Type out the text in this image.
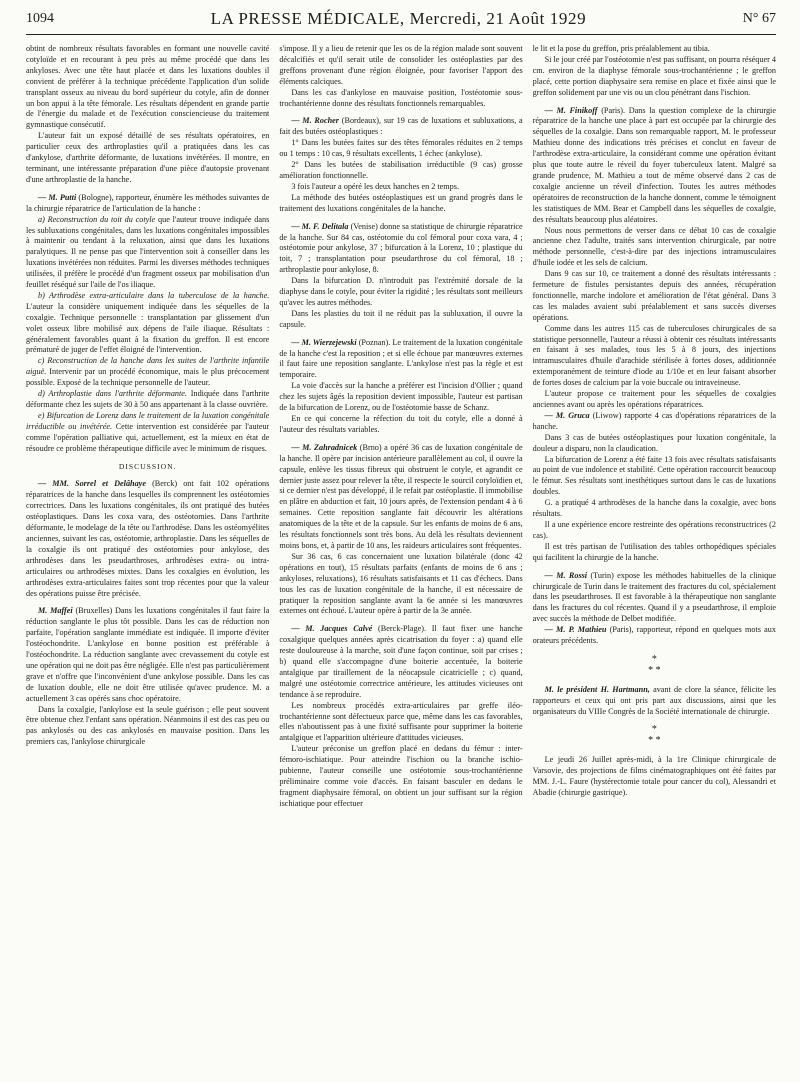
1094	LA PRESSE MÉDICALE, Mercredi, 21 Août 1929	N° 67

obtint de nombreux résultats favorables en formant une nouvelle cavité cotyloïde et en recourant à peu près au même procédé que dans les ankyloses. Avec une tête haut placée et dans les luxations doubles il convient de préférer à la technique précédente l'application d'un solide transplant osseux au niveau du bord supérieur du cotyle, afin de donner un bon appui à la tête fémorale. Les résultats dépendent en grande partie de l'énergie du malade et de l'exécution consciencieuse du traitement gymnastique consécutif.

L'auteur fait un exposé détaillé de ses résultats opératoires, en particulier ceux des arthroplasties qu'il a pratiquées dans les cas d'ankylose, d'arthrite déformante, de luxations invétérées. Il montre, en terminant, une intéressante préparation d'une pièce d'autopsie provenant d'une arthroplastie de la hanche.

— M. Putti (Bologne), rapporteur, énumère les méthodes suivantes de la chirurgie réparatrice de l'articulation de la hanche :

a) Reconstruction du toit du cotyle que l'auteur trouve indiquée dans les subluxations congénitales, dans les luxations congénitales impossibles à maintenir ou tendant à la reluxation, ainsi que dans les luxations paralytiques. Il ne pense pas que l'intervention soit à conseiller dans les luxations invétérées non réduites. Parmi les diverses méthodes techniques utilisées, il préfère le procédé d'un fragment osseux par mobilisation d'un feuillet réséqué sur l'aile de l'os iliaque.

b) Arthrodèse extra-articulaire dans la tuberculose de la hanche. L'auteur la considère uniquement indiquée dans les séquelles de la coxalgie. Technique personnelle : transplantation par glissement d'un volet osseux libre mobilisé aux dépens de l'aile iliaque. Résultats : généralement favorables quant à la fixation du greffon. Il est encore prématuré de juger de l'effet éloigné de l'intervention.

c) Reconstruction de la hanche dans les suites de l'arthrite infantile aiguë. Intervenir par un procédé économique, mais le plus précocement possible. Exposé de la technique personnelle de l'auteur.

d) Arthroplastie dans l'arthrite déformante. Indiquée dans l'arthrite déformante chez les sujets de 30 à 50 ans appartenant à la classe ouvrière.

e) Bifurcation de Lorenz dans le traitement de la luxation congénitale irréductible ou invétérée. Cette intervention est considérée par l'auteur comme l'opération palliative qui, actuellement, est la mieux en état de résoudre ce problème thérapeutique difficile avec le minimum de risques.

DISCUSSION.

— MM. Sorrel et Delâhaye (Berck) ont fait 102 opérations réparatrices de la hanche dans lesquelles ils comprennent les ostéotomies correctrices. Dans les luxations congénitales, ils ont pratiqué des butées ostéoplastiques. Dans les coxa vara, des ostéotomies. Dans l'arthrite déformante, le modelage de la tête ou l'arthrodèse. Dans les ostéomyélites anciennes, suivant les cas, ostéotomie, arthroplastie. Dans les séquelles de la coxalgie ils ont pratiqué des ostéotomies pour ankylose, des arthrodèses dans les pseudarthroses, arthrodèses extra- ou intra-articulaires ou arthrodèses mixtes. Dans les coxalgies en évolution, les arthrodèses extra-articulaires faites sont trop récentes pour que la valeur des opérations puisse être précisée.

M. Maffei (Bruxelles) Dans les luxations congénitales il faut faire la réduction sanglante le plus tôt possible. Dans les cas de réduction non parfaite, l'opération sanglante immédiate est indiquée. Il importe d'éviter l'ostéochondrite. L'ankylose en bonne position est préférable à l'ostéochondrite. La réduction sanglante avec crevassement du cotyle est une opération qui ne doit pas être négligée. Elle n'est pas particulièrement grave et n'offre que l'inconvénient d'une ankylose possible. Dans les cas de luxation double, elle ne doit être utilisée qu'avec prudence. M. a actuellement 3 cas opérés sans choc opératoire.

Dans la coxalgie, l'ankylose est la seule guérison ; elle peut souvent être obtenue chez l'enfant sans opération. Néanmoins il est des cas peu ou pas ankylosés ou des cas ankylosés en mauvaise position. Dans les premiers cas, l'ankylose chirurgicale

s'impose. Il y a lieu de retenir que les os de la région malade sont souvent décalcifiés et qu'il serait utile de consolider les ostéoplasties par des greffons provenant d'une région éloignée, pour favoriser l'apport des éléments calciques.

Dans les cas d'ankylose en mauvaise position, l'ostéotomie sous-trochantérienne donne des résultats fonctionnels remarquables.

— M. Rocher (Bordeaux), sur 19 cas de luxations et subluxations, a fait des butées ostéoplastiques :

1° Dans les butées faites sur des têtes fémorales réduites en 2 temps ou 1 temps : 10 cas, 9 résultats excellents, 1 échec (ankylose).

2° Dans les butées de stabilisation irréductible (9 cas) grosse amélioration fonctionnelle.

3 fois l'auteur a opéré les deux hanches en 2 temps.

La méthode des butées ostéoplastiques est un grand progrès dans le traitement des luxations congénitales de la hanche.

— M. F. Delitala (Venise) donne sa statistique de chirurgie réparatrice de la hanche. Sur 84 cas, ostéotomie du col fémoral pour coxa vara, 4 ; ostéotomie pour ankylose, 37 ; bifurcation à la Lorenz, 10 ; plastique du toit, 7 ; transplantation pour pseudarthrose du col fémoral, 18 ; arthroplastie pour ankylose, 8.

Dans la bifurcation D. n'introduit pas l'extrémité dorsale de la diaphyse dans le cotyle, pour éviter la rigidité ; les résultats sont meilleurs qu'avec les autres méthodes.

Dans les plasties du toit il ne réduit pas la subluxation, il ouvre la capsule.

— M. Wierzejewski (Poznan). Le traitement de la luxation congénitale de la hanche c'est la reposition ; et si elle échoue par manœuvres externes il faut faire une reposition sanglante. L'ankylose n'est pas la règle et est temporaire.

La voie d'accès sur la hanche a préférer est l'incision d'Ollier ; quand chez les sujets âgés la reposition devient impossible, l'auteur est partisan de la bifurcation de Lorenz, ou de l'ostéotomie basse de Schanz.

En ce qui concerne la réfection du toit du cotyle, elle a donné à l'auteur des résultats variables.

— M. Zahradnicek (Brno) a opéré 36 cas de luxation congénitale de la hanche. Il opère par incision antérieure parallèlement au col, il ouvre la capsule, enlève les tissus fibreux qui obstruent le cotyle, et agrandit ce dernier juste assez pour relever la tête, il respecte le sourcil cotyloïdien et, si ce dernier n'est pas développé, il le refait par ostéoplastie. Il immobilise en plâtre en abduction et fait, 10 jours après, de l'extension pendant 4 à 6 semaines. Cette reposition sanglante fait découvrir les altérations anatomiques de la tête et de la capsule. Sur les enfants de moins de 6 ans, les résultats fonctionnels sont très bons. Au delà les résultats deviennent moins bons, et, à partir de 10 ans, les raideurs articulaires sont fréquentes.

Sur 36 cas, 6 cas concernaient une luxation bilatérale (donc 42 opérations en tout), 15 résultats parfaits (enfants de moins de 6 ans ; ankyloses, reluxations), 16 résultats satisfaisants et 11 cas d'échecs. Dans tous les cas de luxation congénitale de la hanche, il est nécessaire de pratiquer la reposition sanglante avant la 6e année si les manœuvres externes ont échoué. L'auteur opère à partir de la 3e année.

— M. Jacques Calvé (Berck-Plage). Il faut fixer une hanche coxalgique quelques années après cicatrisation du foyer : a) quand elle reste douloureuse à la marche, soit d'une façon continue, soit par crises ; b) quand elle s'accompagne d'une boiterie accentuée, la boiterie antalgique par tiraillement de la néocapsule cicatricielle ; c) quand, malgré une ostéotomie correctrice antérieure, les attitudes vicieuses ont tendance à se reproduire.

Les nombreux procédés extra-articulaires par greffe iléo-trochantérienne sont défectueux parce que, même dans les cas favorables, elles n'aboutissent pas à une fixité suffisante pour supprimer la boiterie antalgique et l'apparition ultérieure d'attitudes vicieuses.

L'auteur préconise un greffon placé en dedans du fémur : inter-fémoro-ischiatique. Pour atteindre l'ischion ou la branche ischio-pubienne, l'auteur conseille une ostéotomie sous-trochantérienne préliminaire comme voie d'accès. En faisant basculer en dedans le fragment diaphysaire fémoral, on obtient un jour suffisant sur la région ischiatique pour effectuer

le lit et la pose du greffon, pris préalablement au tibia.

Si le jour créé par l'ostéotomie n'est pas suffisant, on pourra réséquer 4 cm. environ de la diaphyse fémorale sous-trochantérienne ; le greffon placé, cette portion diaphysaire sera remise en place et fixée ainsi que le greffon solidement par une vis ou un clou pénétrant dans l'ischion.

— M. Finikoff (Paris). Dans la question complexe de la chirurgie réparatrice de la hanche une place à part est occupée par la chirurgie des séquelles de la coxalgie. Dans son remarquable rapport, M. le professeur Mathieu donne des indications très précises et conclut en faveur de l'arthrodèse extra-articulaire, la considérant comme une opération évitant plus que toute autre le réveil du foyer tuberculeux latent. Malgré sa grande prudence, M. Mathieu a tout de même observé dans 2 cas de coxalgie ancienne un réveil d'infection. Toutes les autres méthodes opératoires de reconstruction de la hanche donnent, comme le témoignent les statistiques de MM. Bear et Campbell dans les séquelles de coxalgie, des résultats beaucoup plus aléatoires.

Nous nous permettons de verser dans ce débat 10 cas de coxalgie ancienne chez l'adulte, traités sans intervention chirurgicale, par notre méthode personnelle, c'est-à-dire par des injections intramusculaires d'huile iodée et les sels de calcium.

Dans 9 cas sur 10, ce traitement a donné des résultats intéressants : fermeture de fistules persistantes depuis des années, récupération fonctionnelle, marche indolore et amélioration de l'état général. Dans 3 cas les malades avaient subi préalablement et sans succès diverses opérations.

Comme dans les autres 115 cas de tuberculoses chirurgicales de sa statistique personnelle, l'auteur a réussi à obtenir ces résultats intéressants en faisant à ses malades, tous les 5 à 8 jours, des injections intramusculaires d'huile d'arachide stérilisée à fortes doses, additionnée extemporanément de teinture d'iode au 1/10e et en leur faisant absorber de fortes doses de calcium par la voie buccale ou intraveineuse.

L'auteur propose ce traitement pour les séquelles de coxalgies anciennes avant ou après les opérations réparatrices.

— M. Gruca (Liwow) rapporte 4 cas d'opérations réparatrices de la hanche.

Dans 3 cas de butées ostéoplastiques pour luxation congénitale, la douleur a disparu, non la claudication.

La bifurcation de Lorenz a été faite 13 fois avec résultats satisfaisants au point de vue indolence et stabilité. Cette opération raccourcit beaucoup le fémur. Ses résultats sont inesthétiques surtout dans le cas de luxations doubles.

G. a pratiqué 4 arthrodèses de la hanche dans la coxalgie, avec bons résultats.

Il a une expérience encore restreinte des opérations reconstructrices (2 cas).

Il est très partisan de l'utilisation des tables orthopédiques spéciales qui facilitent la chirurgie de la hanche.

— M. Rossi (Turin) expose les méthodes habituelles de la clinique chirurgicale de Turin dans le traitement des fractures du col, spécialement dans les pseudarthroses. Il est favorable à la thérapeutique non sanglante dans les fractures du col récentes. Quand il y a pseudarthrose, il emploie avec succès la méthode de Delbet modifiée.

— M. P. Mathieu (Paris), rapporteur, répond en quelques mots aux orateurs précédents.

*
* *

M. le président H. Hartmann, avant de clore la séance, félicite les rapporteurs et ceux qui ont pris part aux discussions, ainsi que les organisateurs du VIIIe Congrès de la Société internationale de chirurgie.

*
* *

Le jeudi 26 Juillet après-midi, à la 1re Clinique chirurgicale de Varsovie, des projections de films cinématographiques ont été faites par MM. J.-L. Faure (hystérectomie totale pour cancer du col), Alessandri et Abadie (chirurgie gastrique).
